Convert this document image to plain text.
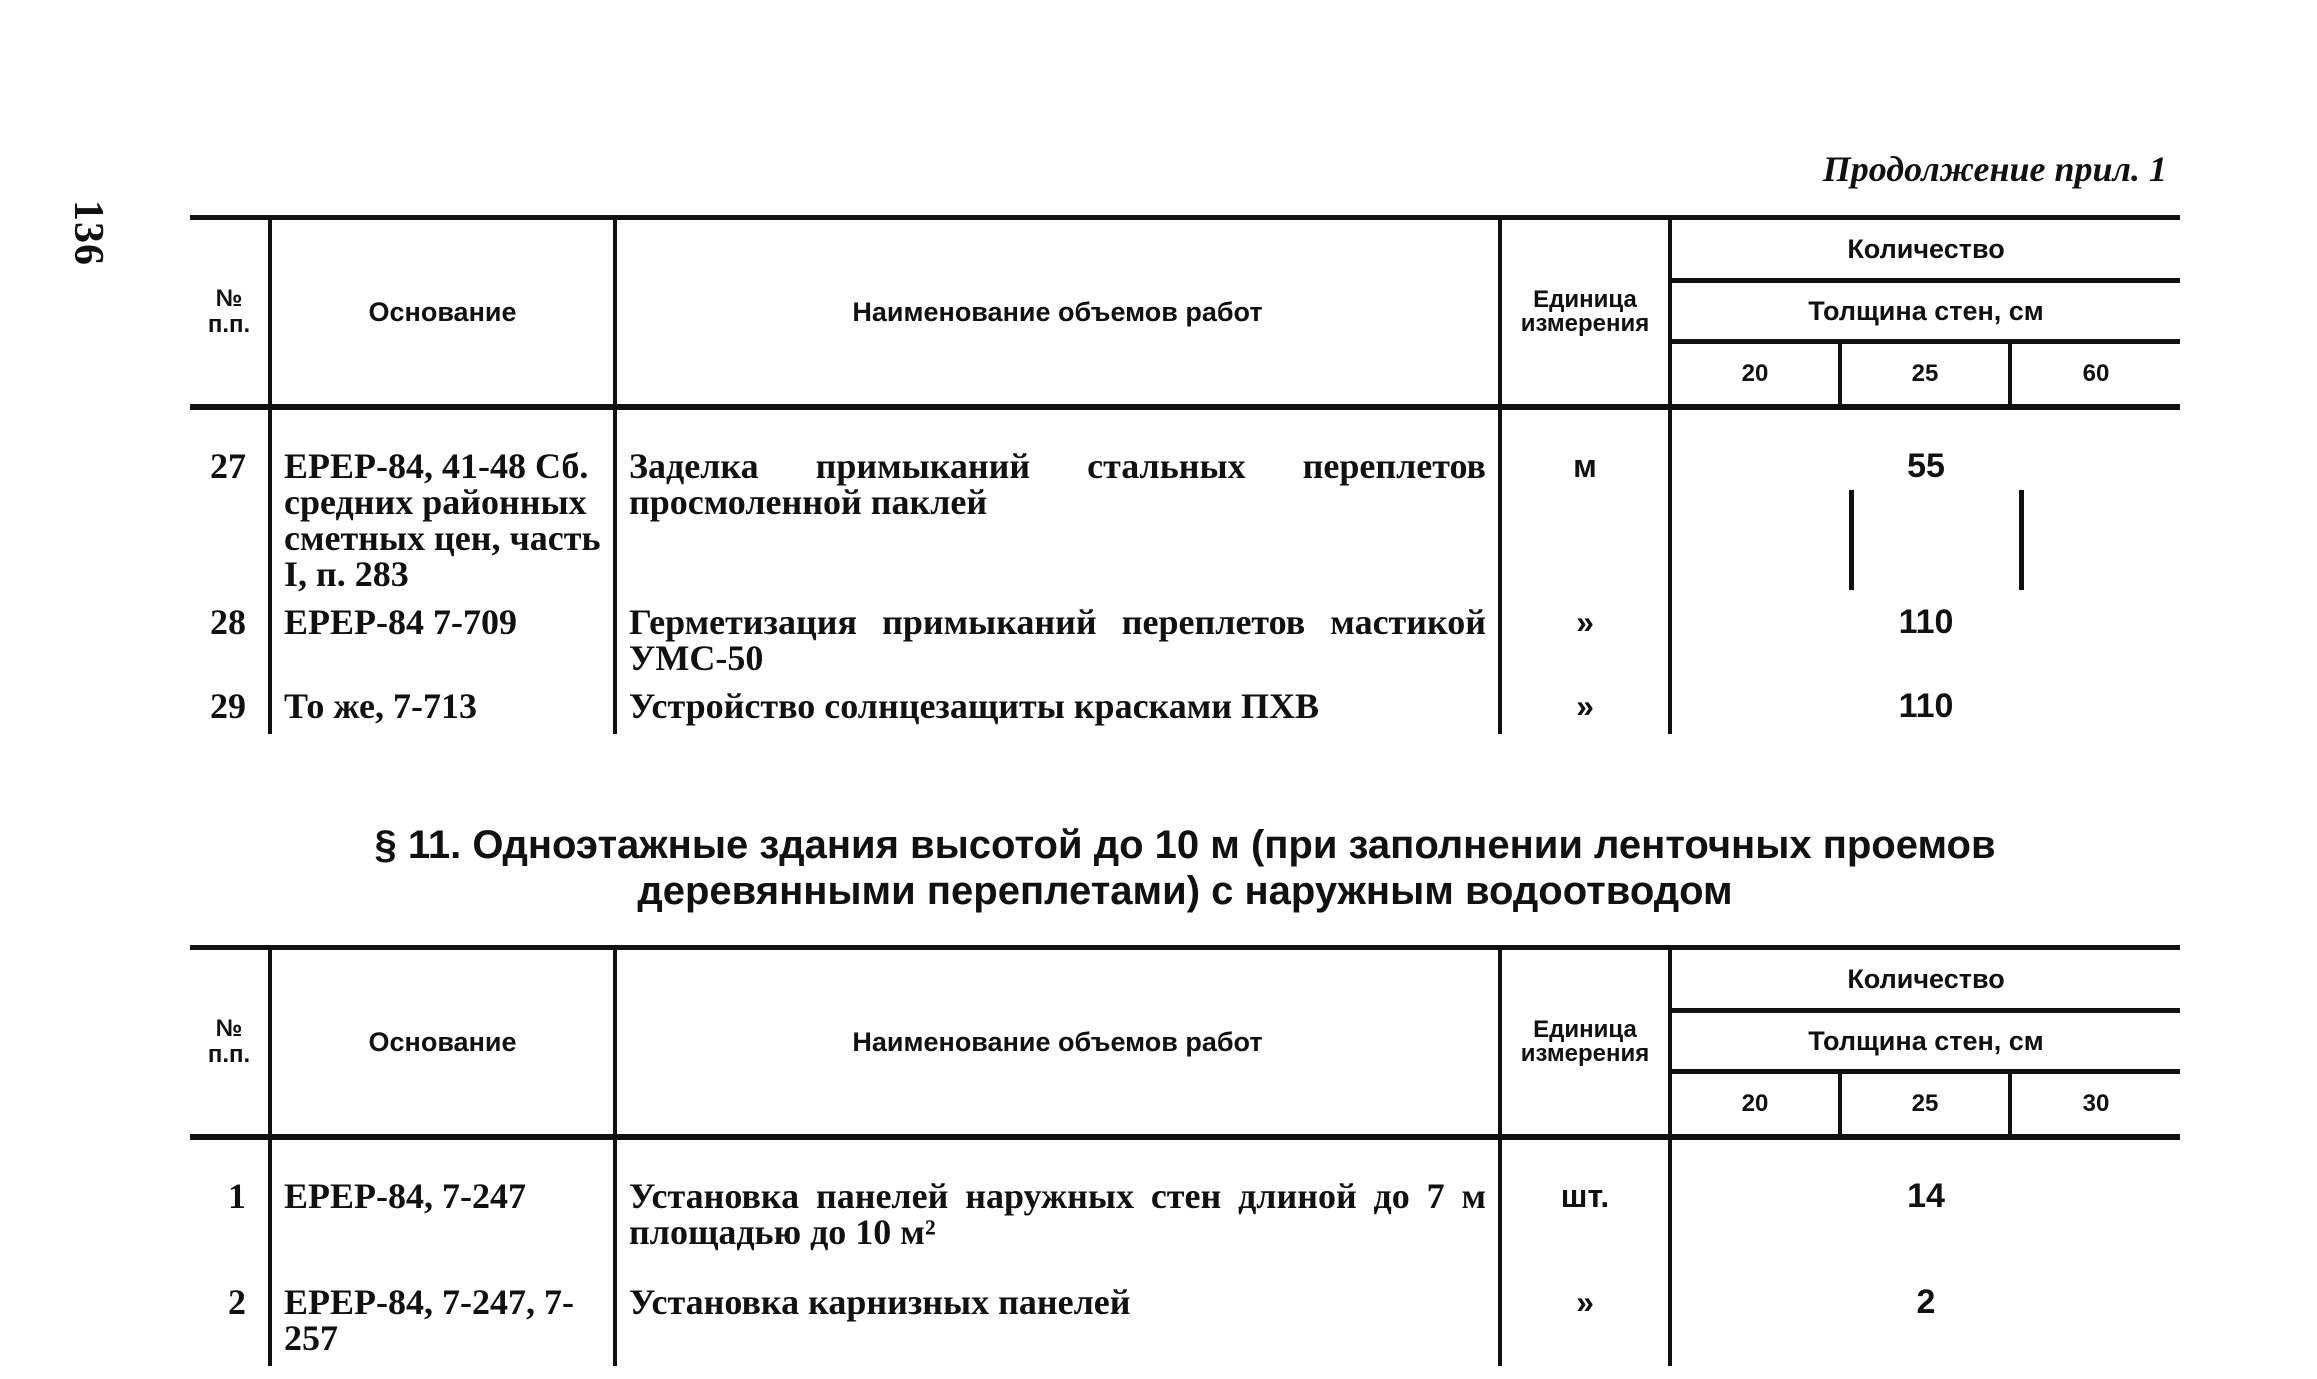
136
Продолжение прил. 1
№ п.п.	Основание	Наименование объемов работ	Единица измерения	Количество		
				Толщина стен, см		
				20	25	60
27	ЕРЕР-84, 41-48 Сб. средних районных сметных цен, часть I, п. 283	Заделка примыканий стальных переплетов просмоленной паклей	м	55		

28	ЕРЕР-84 7-709	Герметизация примыканий переплетов мастикой УМС-50	»	110		
29	То же, 7-713	Устройство солнцезащиты красками ПХВ	»	110		
§ 11. Одноэтажные здания высотой до 10 м (при заполнении ленточных проемов
деревянными переплетами) с наружным водоотводом
№ п.п.	Основание	Наименование объемов работ	Единица измерения	Количество		
				Толщина стен, см		
				20	25	30
1	ЕРЕР-84, 7-247	Установка панелей наружных стен длиной до 7 м площадью до 10 м²	шт.	14		
2	ЕРЕР-84, 7-247, 7-257	Установка карнизных панелей	»	2		
